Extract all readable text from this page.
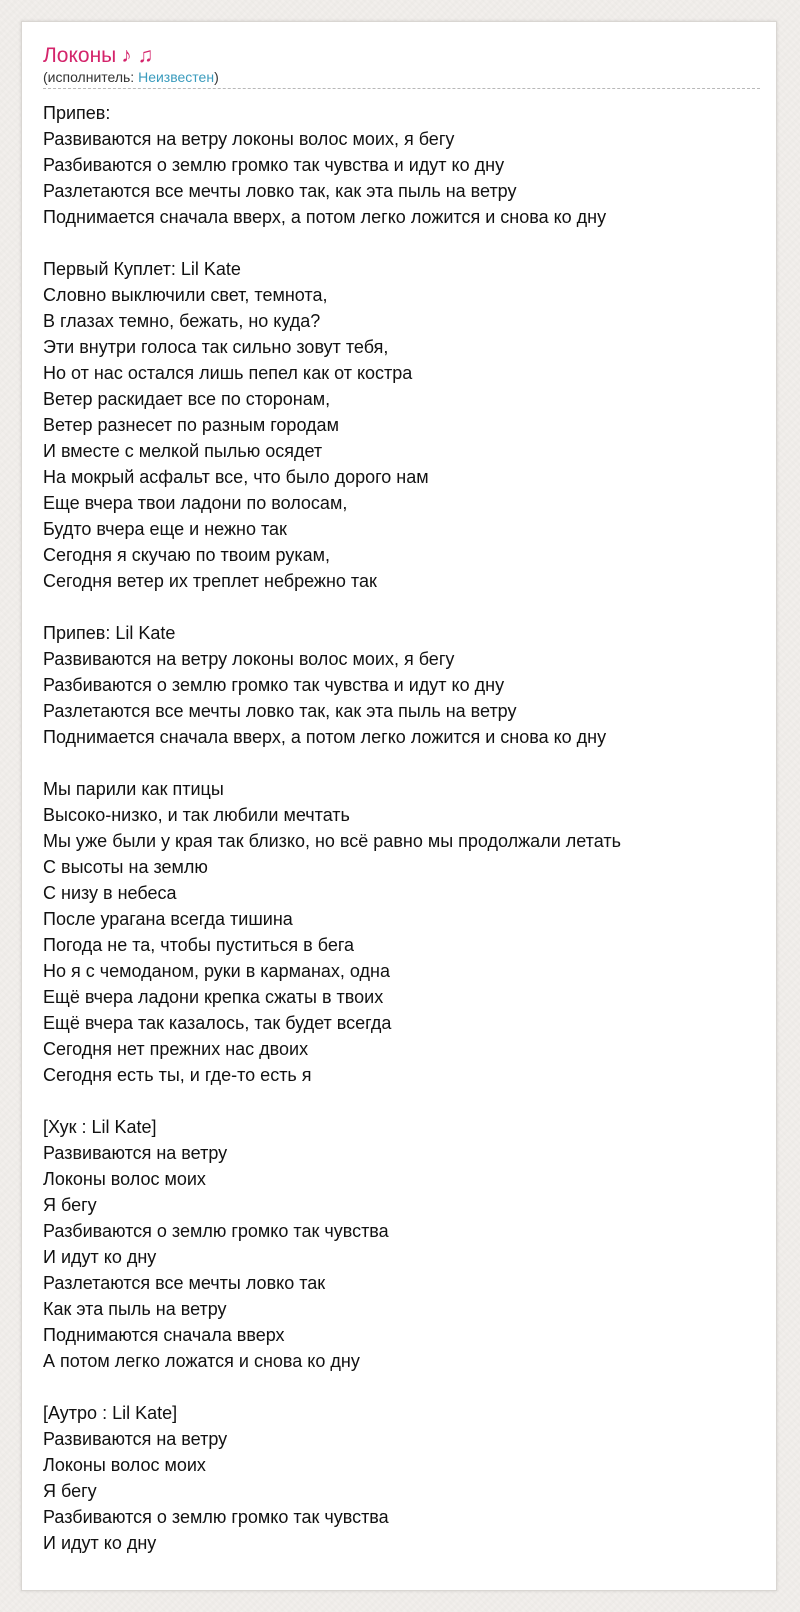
Локоны ♪ ♫
(исполнитель: Неизвестен)
Припев:
Развиваются на ветру локоны волос моих, я бегу
Разбиваются о землю громко так чувства и идут ко дну
Разлетаются все мечты ловко так, как эта пыль на ветру
Поднимается сначала вверх, а потом легко ложится и снова ко дну
Первый Куплет: Lil Kate
Словно выключили свет, темнота,
В глазах темно, бежать, но куда?
Эти внутри голоса так сильно зовут тебя,
Но от нас остался лишь пепел как от костра
Ветер раскидает все по сторонам,
Ветер разнесет по разным городам
И вместе с мелкой пылью осядет
На мокрый асфальт все, что было дорого нам
Еще вчера твои ладони по волосам,
Будто вчера еще и нежно так
Сегодня я скучаю по твоим рукам,
Сегодня ветер их треплет небрежно так
Припев: Lil Kate
Развиваются на ветру локоны волос моих, я бегу
Разбиваются о землю громко так чувства и идут ко дну
Разлетаются все мечты ловко так, как эта пыль на ветру
Поднимается сначала вверх, а потом легко ложится и снова ко дну
Мы парили как птицы
Высоко-низко, и так любили мечтать
Мы уже были у края так близко, но всё равно мы продолжали летать
С высоты на землю
С низу в небеса
После урагана всегда тишина
Погода не та, чтобы пуститься в бега
Но я с чемоданом, руки в карманах, одна
Ещё вчера ладони крепка сжаты в твоих
Ещё вчера так казалось, так будет всегда
Сегодня нет прежних нас двоих
Сегодня есть ты, и где-то есть я
[Хук : Lil Kate]
Развиваются на ветру
Локоны волос моих
Я бегу
Разбиваются о землю громко так чувства
И идут ко дну
Разлетаются все мечты ловко так
Как эта пыль на ветру
Поднимаются сначала вверх
А потом легко ложатся и снова ко дну
[Аутро : Lil Kate]
Развиваются на ветру
Локоны волос моих
Я бегу
Разбиваются о землю громко так чувства
И идут ко дну
